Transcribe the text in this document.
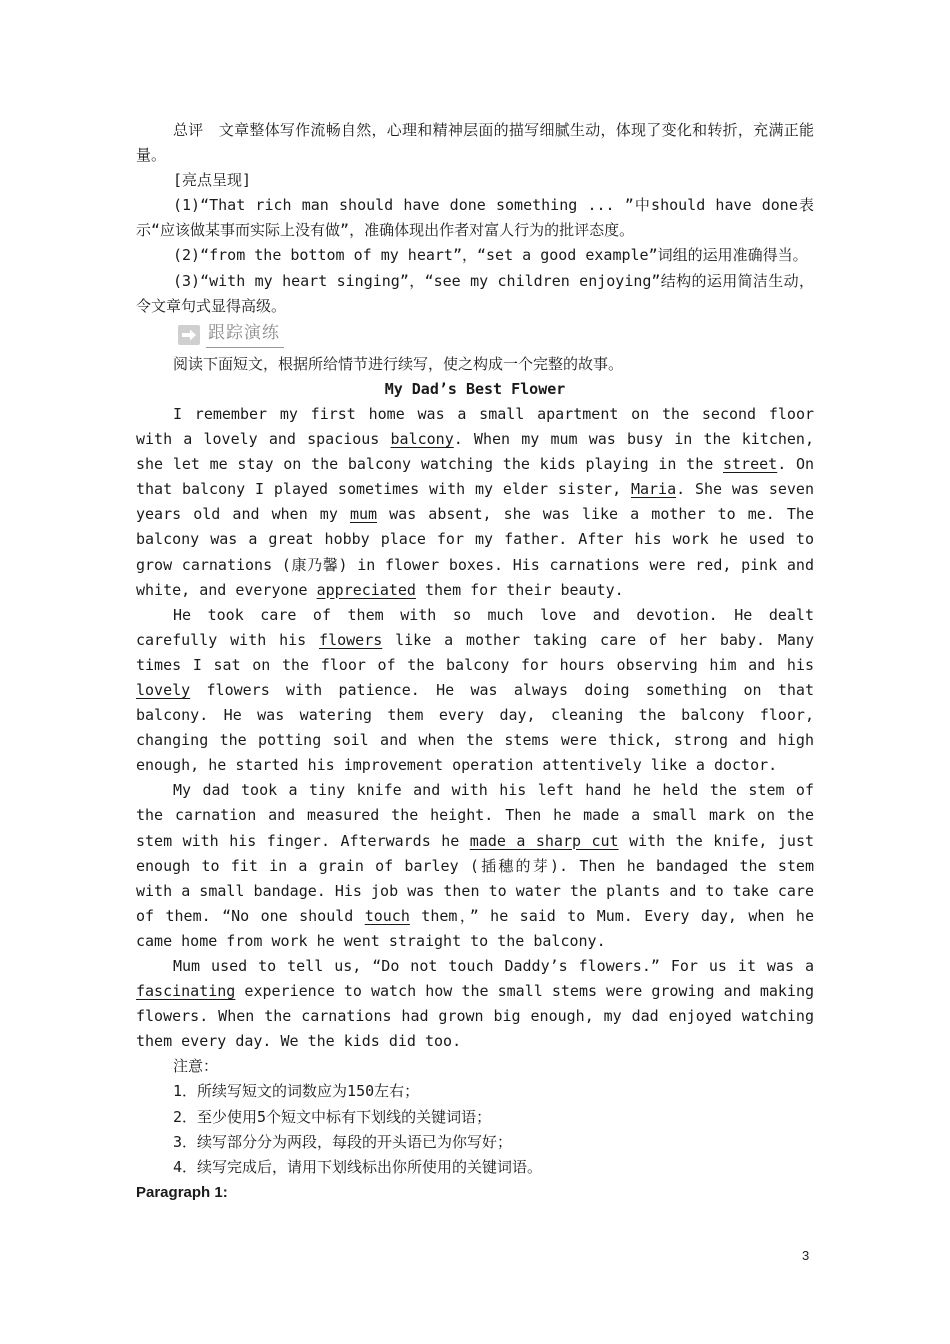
总评　 文章整体写作流畅自然，心理和精神层面的描写细腻生动，体现了变化和转折，充满正能量。

[亮点呈现]

(1)“That rich man should have done something ... ”中should have done表示“应该做某事而实际上没有做”，准确体现出作者对富人行为的批评态度。

(2)“from the bottom of my heart”，“set a good example”词组的运用准确得当。

(3)“with my heart singing”，“see my children enjoying”结构的运用简洁生动，令文章句式显得高级。

跟踪演练

阅读下面短文，根据所给情节进行续写，使之构成一个完整的故事。

My Dad’s Best Flower

I remember my first home was a small apartment on the second floor with a lovely and spacious balcony. When my mum was busy in the kitchen, she let me stay on the balcony watching the kids playing in the street. On that balcony I played sometimes with my elder sister, Maria. She was seven years old and when my mum was absent, she was like a mother to me. The balcony was a great hobby place for my father. After his work he used to grow carnations (康乃馨) in flower boxes. His carnations were red, pink and white, and everyone appreciated them for their beauty.

He took care of them with so much love and devotion. He dealt carefully with his flowers like a mother taking care of her baby. Many times I sat on the floor of the balcony for hours observing him and his lovely flowers with patience. He was always doing something on that balcony. He was watering them every day, cleaning the balcony floor, changing the potting soil and when the stems were thick, strong and high enough, he started his improvement operation attentively like a doctor.

My dad took a tiny knife and with his left hand he held the stem of the carnation and measured the height. Then he made a small mark on the stem with his finger. Afterwards he made a sharp cut with the knife, just enough to fit in a grain of barley (插穗的芽). Then he bandaged the stem with a small bandage. His job was then to water the plants and to take care of them. “No one should touch them，” he said to Mum. Every day, when he came home from work he went straight to the balcony.

Mum used to tell us, “Do not touch Daddy’s flowers.” For us it was a fascinating experience to watch how the small stems were growing and making flowers. When the carnations had grown big enough, my dad enjoyed watching them every day. We the kids did too.

注意：

1．所续写短文的词数应为150左右；

2．至少使用5个短文中标有下划线的关键词语；

3．续写部分分为两段，每段的开头语已为你写好；

4．续写完成后，请用下划线标出你所使用的关键词语。

Paragraph 1:

3
